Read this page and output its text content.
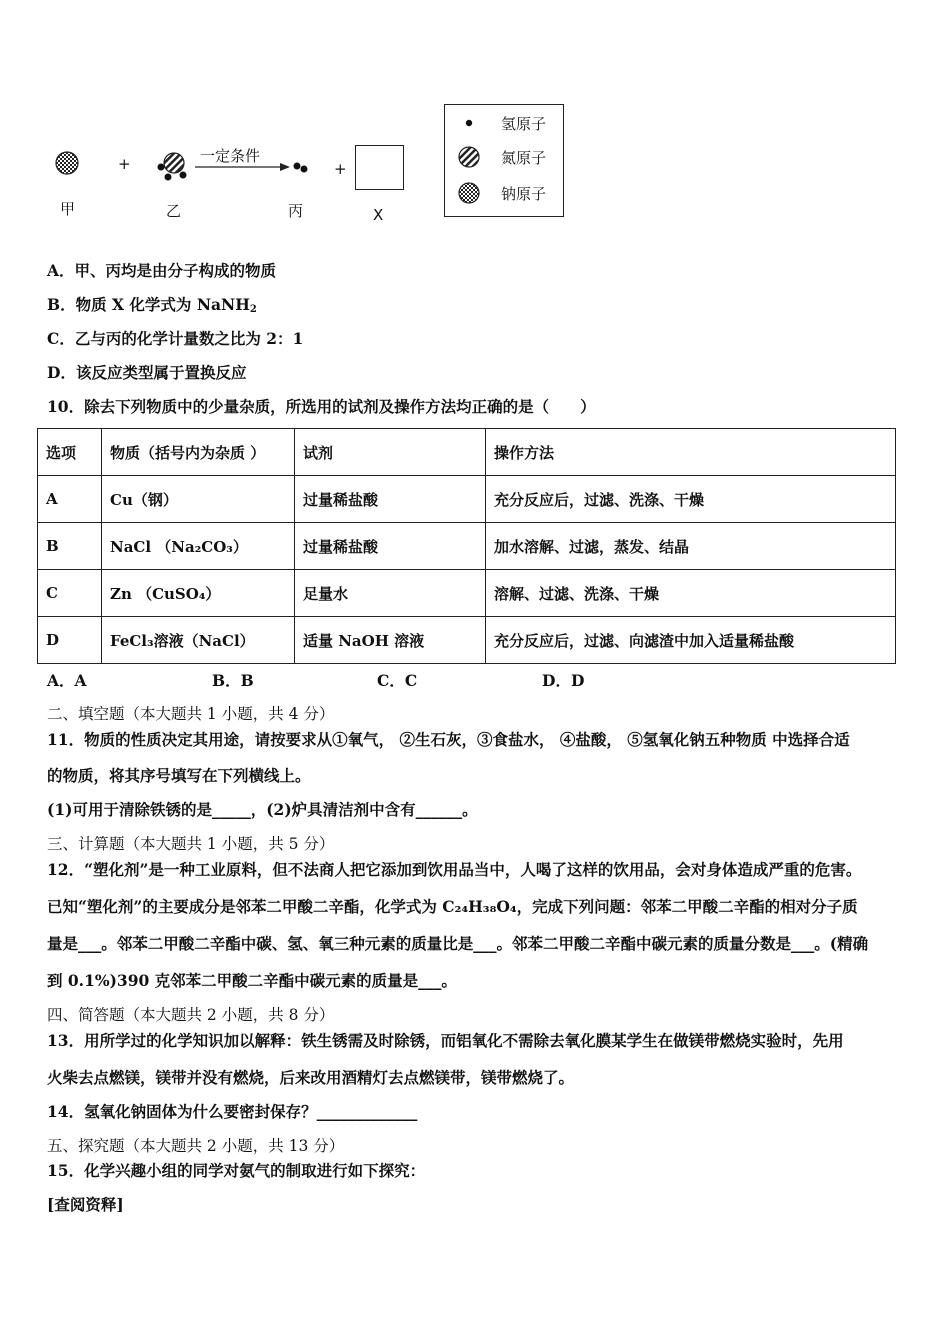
+	+
一定条件
甲	乙	丙	X
氢原子
氮原子
钠原子
A．甲、丙均是由分子构成的物质
B．物质 X 化学式为 NaNH$_2$
C．乙与丙的化学计量数之比为 2：1
D．该反应类型属于置换反应
10．除去下列物质中的少量杂质，所选用的试剂及操作方法均正确的是（　　）
选项	物质（括号内为杂质 ）	试剂	操作方法
A	Cu（钢）	过量稀盐酸	充分反应后，过滤、洗涤、干燥
B	NaCl （Na₂CO₃）	过量稀盐酸	加水溶解、过滤，蒸发、结晶
C	Zn （CuSO₄）	足量水	溶解、过滤、洗涤、干燥
D	FeCl₃溶液（NaCl）	适量 NaOH 溶液	充分反应后，过滤、向滤渣中加入适量稀盐酸
A．A	B．B	C．C	D．D
二、填空题（本大题共 1 小题，共 4 分）
11．物质的性质决定其用途，请按要求从①氧气， ②生石灰，③食盐水， ④盐酸， ⑤氢氧化钠五种物质 中选择合适
的物质，将其序号填写在下列横线上。
(1)可用于清除铁锈的是_____，(2)炉具清洁剂中含有______。
三、计算题（本大题共 1 小题，共 5 分）
12．“塑化剂”是一种工业原料，但不法商人把它添加到饮用品当中，人喝了这样的饮用品，会对身体造成严重的危害。
已知“塑化剂”的主要成分是邻苯二甲酸二辛酯，化学式为 C₂₄H₃₈O₄，完成下列问题：邻苯二甲酸二辛酯的相对分子质
量是___。邻苯二甲酸二辛酯中碳、氢、氧三种元素的质量比是___。邻苯二甲酸二辛酯中碳元素的质量分数是___。(精确
到 0.1%)390 克邻苯二甲酸二辛酯中碳元素的质量是___。
四、简答题（本大题共 2 小题，共 8 分）
13．用所学过的化学知识加以解释：铁生锈需及时除锈，而铝氧化不需除去氧化膜某学生在做镁带燃烧实验时，先用
火柴去点燃镁，镁带并没有燃烧，后来改用酒精灯去点燃镁带，镁带燃烧了。
14．氢氧化钠固体为什么要密封保存？_____________
五、探究题（本大题共 2 小题，共 13 分）
15．化学兴趣小组的同学对氨气的制取进行如下探究：
[查阅资释]
